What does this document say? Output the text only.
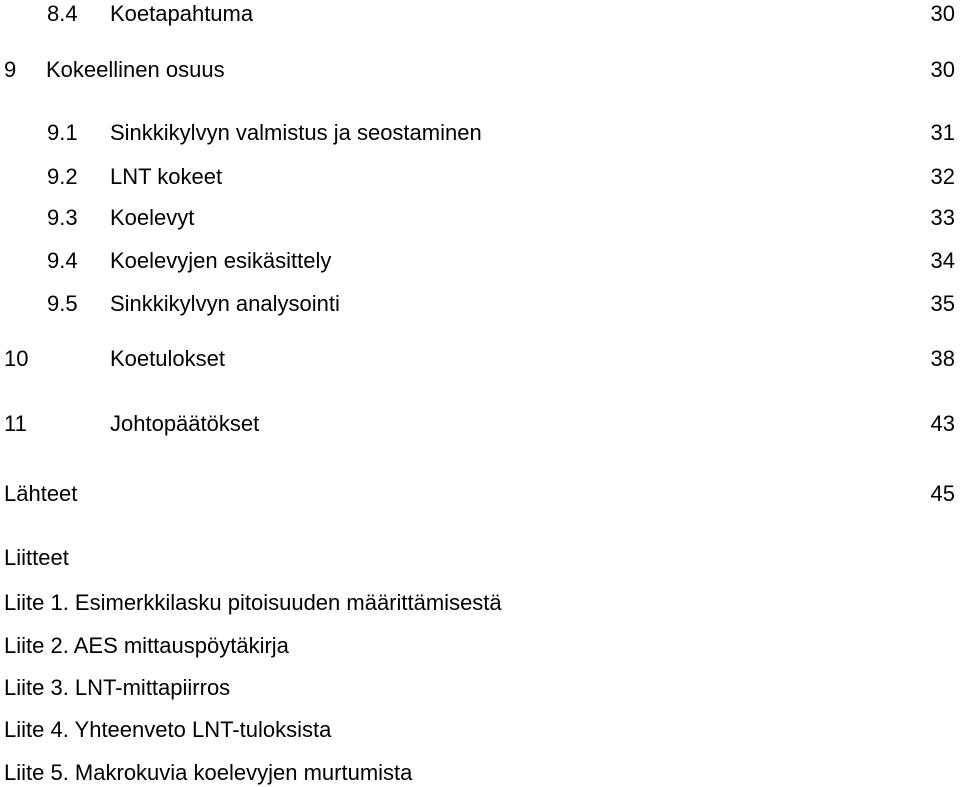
8.4 Koetapahtuma	30
9 Kokeellinen osuus	30
9.1 Sinkkikylvyn valmistus ja seostaminen	31
9.2 LNT kokeet	32
9.3 Koelevyt	33
9.4 Koelevyjen esikäsittely	34
9.5 Sinkkikylvyn analysointi	35
10	Koetulokset	38
11	Johtopäätökset	43
Lähteet	45
Liitteet
Liite 1. Esimerkkilasku pitoisuuden määrittämisestä
Liite 2. AES mittauspöytäkirja
Liite 3. LNT-mittapiirros
Liite 4. Yhteenveto LNT-tuloksista
Liite 5. Makrokuvia koelevyjen murtumista
